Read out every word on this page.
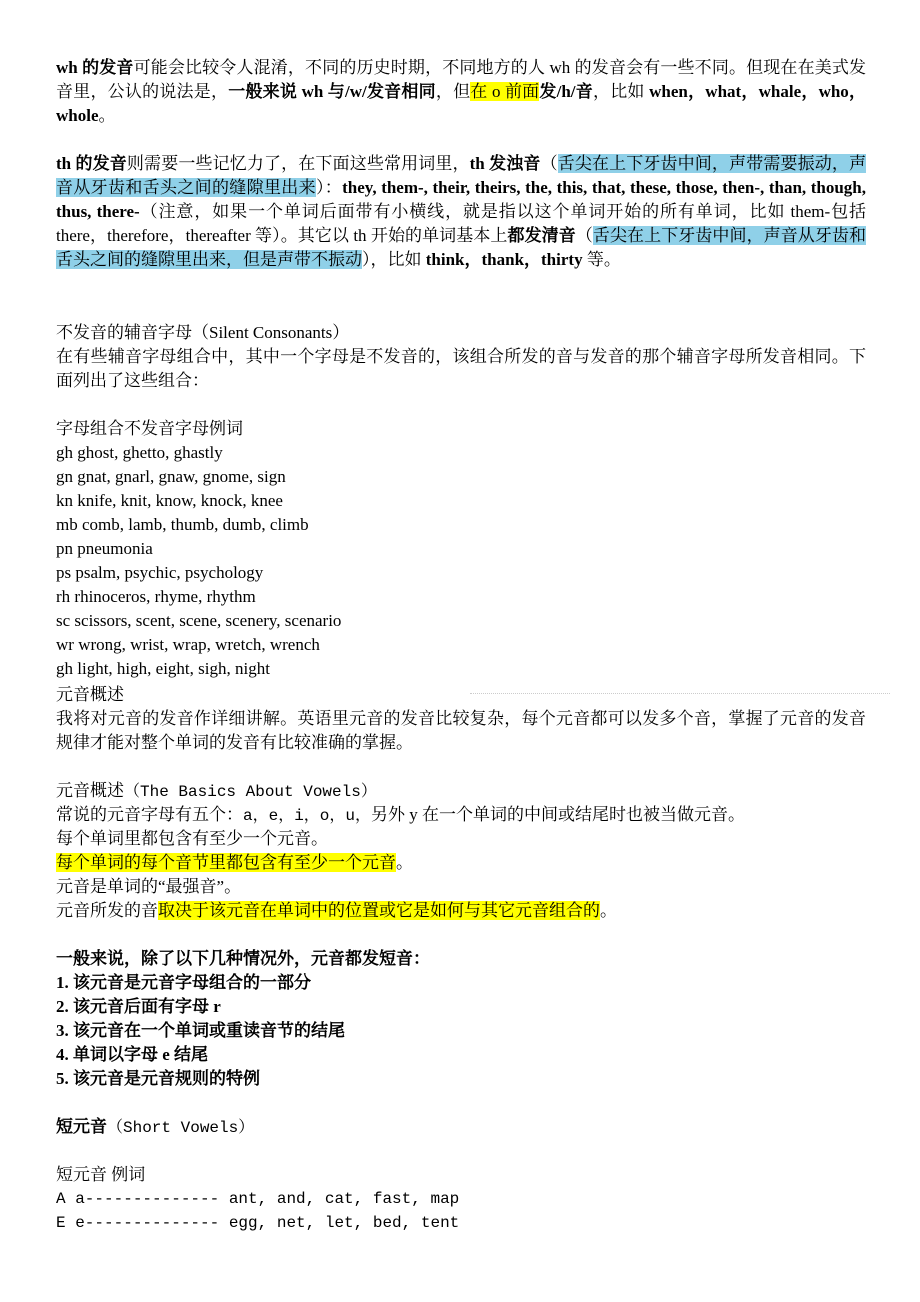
wh 的发音可能会比较令人混淆，不同的历史时期，不同地方的人 wh 的发音会有一些不同。但现在在美式发音里，公认的说法是，一般来说 wh 与/w/发音相同，但在 o 前面发/h/音，比如 when，what，whale，who，whole。
th 的发音则需要一些记忆力了，在下面这些常用词里，th 发浊音（舌尖在上下牙齿中间，声带需要振动，声音从牙齿和舌头之间的缝隙里出来）：they, them-, their, theirs, the, this, that, these, those, then-, than, though, thus, there-（注意，如果一个单词后面带有小横线，就是指以这个单词开始的所有单词，比如 them-包括 there，therefore，thereafter 等）。其它以 th 开始的单词基本上都发清音（舌尖在上下牙齿中间，声音从牙齿和舌头之间的缝隙里出来，但是声带不振动），比如 think，thank，thirty 等。
不发音的辅音字母（Silent Consonants）
在有些辅音字母组合中，其中一个字母是不发音的，该组合所发的音与发音的那个辅音字母所发音相同。下面列出了这些组合：
字母组合不发音字母例词
gh ghost, ghetto, ghastly
gn gnat, gnarl, gnaw, gnome, sign
kn knife, knit, know, knock, knee
mb comb, lamb, thumb, dumb, climb
pn pneumonia
ps psalm, psychic, psychology
rh rhinoceros, rhyme, rhythm
sc scissors, scent, scene, scenery, scenario
wr wrong, wrist, wrap, wretch, wrench
gh light, high, eight, sigh, night
元音概述
我将对元音的发音作详细讲解。英语里元音的发音比较复杂，每个元音都可以发多个音，掌握了元音的发音规律才能对整个单词的发音有比较准确的掌握。
元音概述（The Basics About Vowels）
常说的元音字母有五个：a，e，i，o，u，另外 y 在一个单词的中间或结尾时也被当做元音。
每个单词里都包含有至少一个元音。
每个单词的每个音节里都包含有至少一个元音。
元音是单词的“最强音”。
元音所发的音取决于该元音在单词中的位置或它是如何与其它元音组合的。
一般来说，除了以下几种情况外，元音都发短音：
1. 该元音是元音字母组合的一部分
2. 该元音后面有字母 r
3. 该元音在一个单词或重读音节的结尾
4. 单词以字母 e 结尾
5. 该元音是元音规则的特例
短元音（Short Vowels）
短元音 例词
A a-------------- ant, and, cat, fast, map
E e-------------- egg, net, let, bed, tent
